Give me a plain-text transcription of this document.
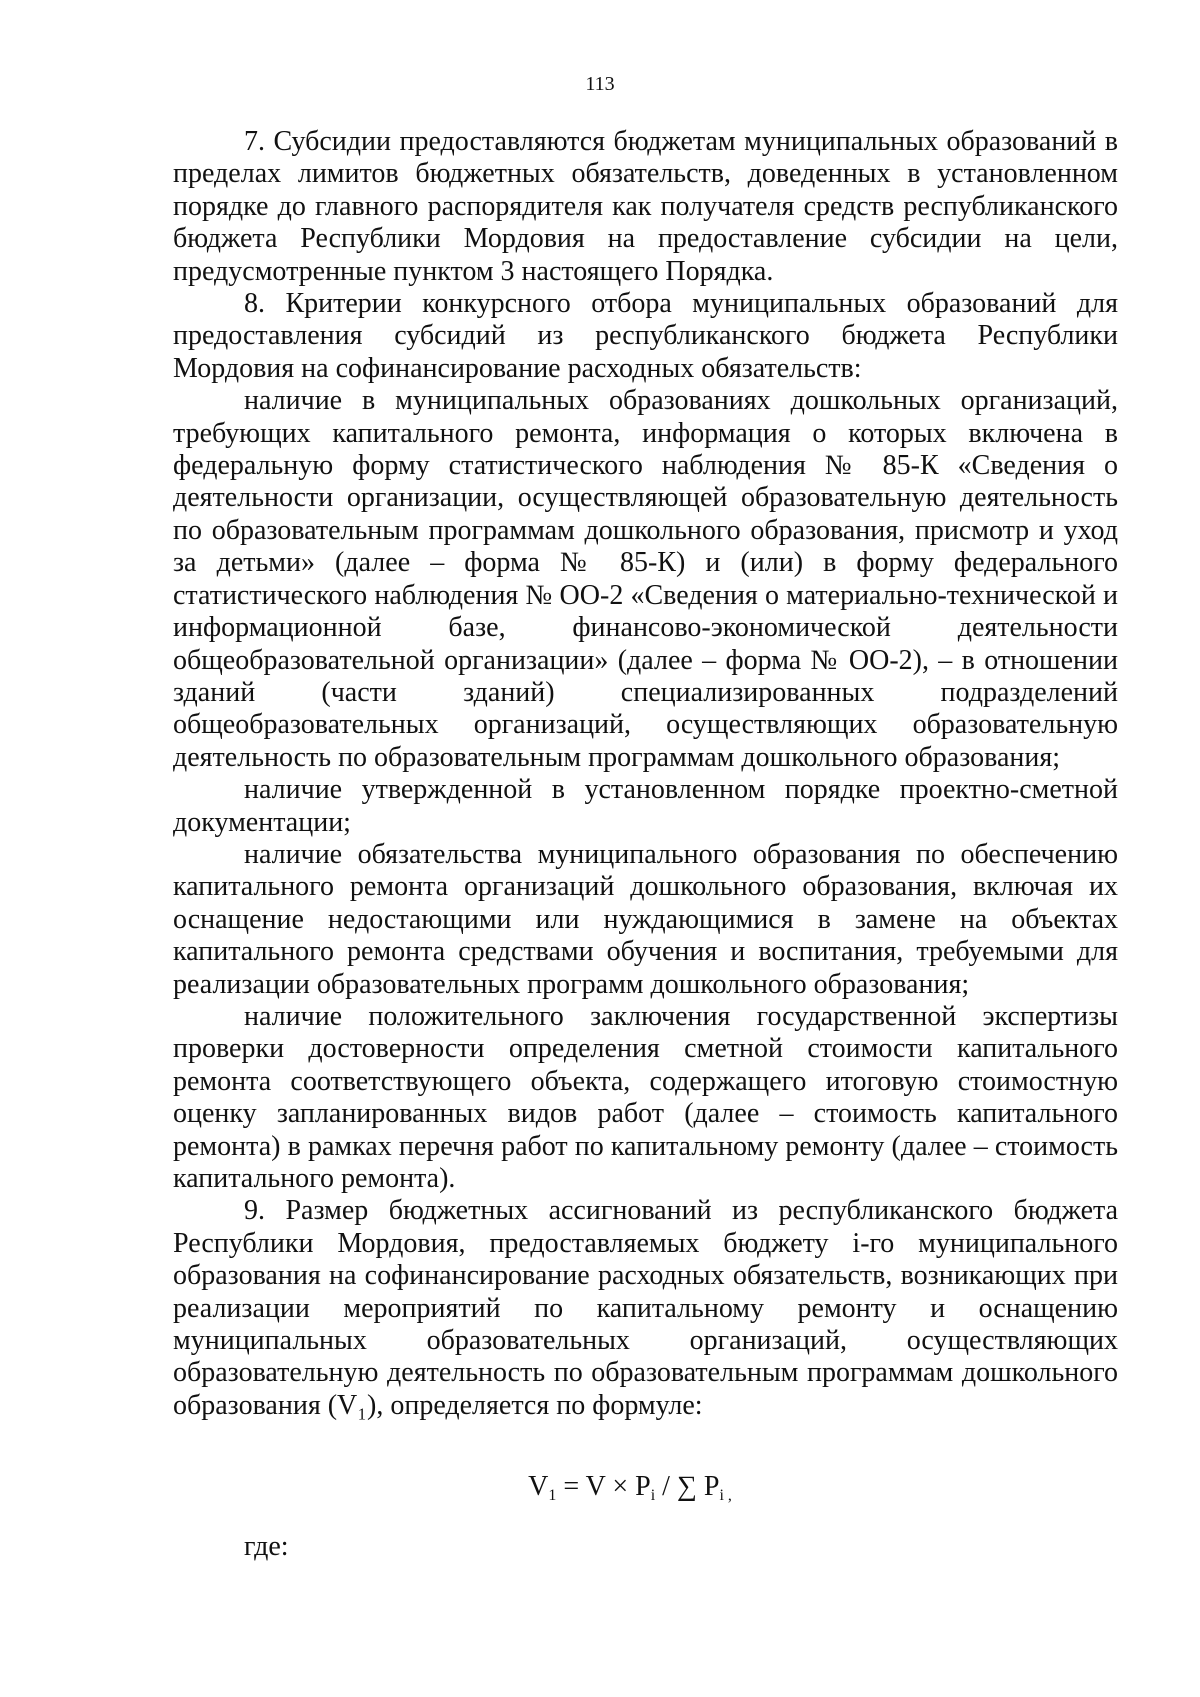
113

7. Субсидии предоставляются бюджетам муниципальных образований в пределах лимитов бюджетных обязательств, доведенных в установленном порядке до главного распорядителя как получателя средств республиканского бюджета Республики Мордовия на предоставление субсидии на цели, предусмотренные пунктом 3 настоящего Порядка.

8. Критерии конкурсного отбора муниципальных образований для предоставления субсидий из республиканского бюджета Республики Мордовия на софинансирование расходных обязательств:

наличие в муниципальных образованиях дошкольных организаций, требующих капитального ремонта, информация о которых включена в федеральную форму статистического наблюдения № 85-К «Сведения о деятельности организации, осуществляющей образовательную деятельность по образовательным программам дошкольного образования, присмотр и уход за детьми» (далее – форма № 85-К) и (или) в форму федерального статистического наблюдения № ОО-2 «Сведения о материально-технической и информационной базе, финансово-экономической деятельности общеобразовательной организации» (далее – форма № ОО-2), – в отношении зданий (части зданий) специализированных подразделений общеобразовательных организаций, осуществляющих образовательную деятельность по образовательным программам дошкольного образования;

наличие утвержденной в установленном порядке проектно-сметной документации;

наличие обязательства муниципального образования по обеспечению капитального ремонта организаций дошкольного образования, включая их оснащение недостающими или нуждающимися в замене на объектах капитального ремонта средствами обучения и воспитания, требуемыми для реализации образовательных программ дошкольного образования;

наличие положительного заключения государственной экспертизы проверки достоверности определения сметной стоимости капитального ремонта соответствующего объекта, содержащего итоговую стоимостную оценку запланированных видов работ (далее – стоимость капитального ремонта) в рамках перечня работ по капитальному ремонту (далее – стоимость капитального ремонта).

9. Размер бюджетных ассигнований из республиканского бюджета Республики Мордовия, предоставляемых бюджету i-го муниципального образования на софинансирование расходных обязательств, возникающих при реализации мероприятий по капитальному ремонту и оснащению муниципальных образовательных организаций, осуществляющих образовательную деятельность по образовательным программам дошкольного образования (V₁), определяется по формуле:

$V_1 = V \times P_i$ / ∑ $P_{i ,}$
где:
